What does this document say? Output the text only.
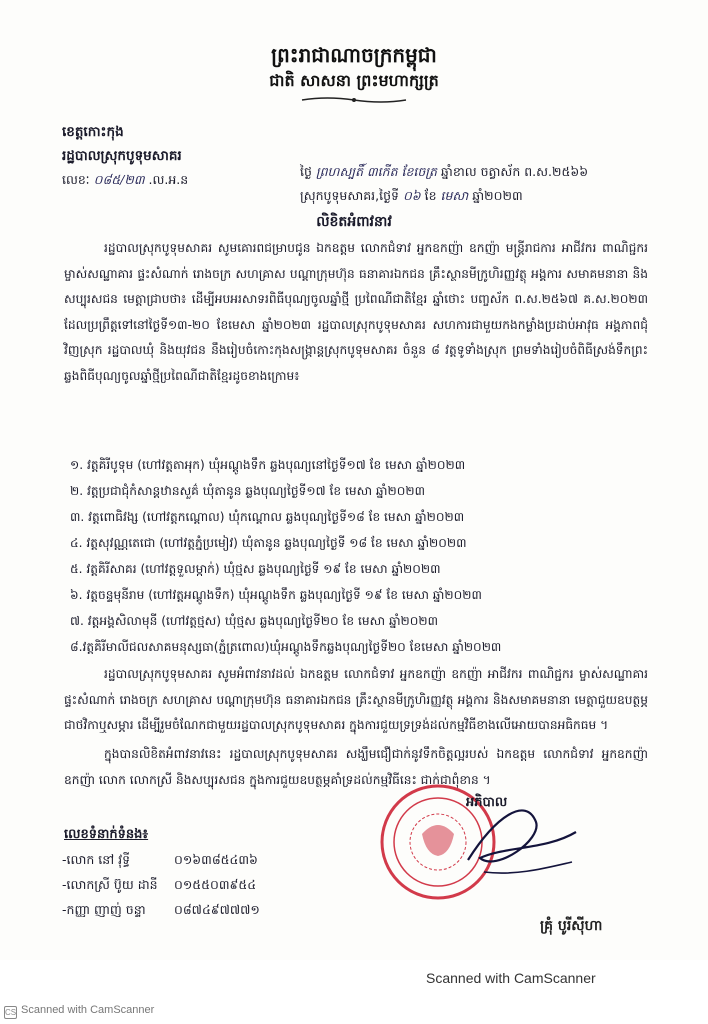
ព្រះរាជាណាចក្រកម្ពុជា
ជាតិ សាសនា ព្រះមហាក្សត្រ
ខេត្តកោះកុង
រដ្ឋបាលស្រុកបូទុមសាគរ
លេខៈ ០៨៥/២៣ .ល.អ.ន
ថ្ងៃ ព្រហស្បតិ៍ ៣កើត ខែចេត្រ ឆ្នាំខាល ចត្វាស័ក ព.ស.២៥៦៦
ស្រុកបូទុមសាគរ,ថ្ងៃទី ០៦ ខែ មេសា ឆ្នាំ២០២៣
លិខិតអំពាវនាវ

រដ្ឋបាលស្រុកបូទុមសាគរ សូមគោរពជម្រាបជូន ឯកឧត្តម លោកជំទាវ អ្នកឧកញ៉ា ឧកញ៉ា មន្រ្តីរាជការ អាជីវករ ពាណិជ្ជករ ម្ចាស់សណ្ឋាគារ ផ្ទះសំណាក់ រោងចក្រ សហគ្រាស បណ្តាក្រុមហ៊ុន ធនាគារឯកជន គ្រឹះស្ថានមីក្រូហិរញ្ញវត្ថុ អង្គការ សមាគមនានា និងសប្បុរសជន មេត្តាជ្រាបថា៖ ដើម្បីអបអរសាទរពិធីបុណ្យចូលឆ្នាំថ្មី ប្រពៃណីជាតិខ្មែរ ឆ្នាំថោះ បញ្ចស័ក ព.ស.២៥៦៧ គ.ស.២០២៣ ដែលប្រព្រឹត្តទៅនៅថ្ងៃទី១៣-២០ ខែមេសា ឆ្នាំ២០២៣ រដ្ឋបាលស្រុកបូទុមសាគរ សហការជាមួយកងកម្លាំងប្រដាប់អាវុធ អង្គភាពជុំវិញស្រុក រដ្ឋបាលឃុំ និងយុវជន នឹងរៀបចំកោះកុងសង្រ្កាន្តស្រុកបូទុមសាគរ ចំនួន ៨ វត្តទូទាំងស្រុក ព្រមទាំងរៀបចំពិធីស្រង់ទឹកព្រះឆ្លងពិធីបុណ្យចូលឆ្នាំថ្មីប្រពៃណីជាតិខ្មែរដូចខាងក្រោម៖

១. វត្តគិរីបូទុម (ហៅវត្តតាអុក) ឃុំអណ្តូងទឹក ឆ្លងបុណ្យនៅថ្ងៃទី១៧ ខែ មេសា ឆ្នាំ២០២៣
២. វត្តប្រជាជុំកំសាន្តឋានសួគ៌ ឃុំតានូន ឆ្លងបុណ្យថ្ងៃទី១៧ ខែ មេសា ឆ្នាំ២០២៣
៣. វត្តពោធិវង្ស (ហៅវត្តកណ្តោល) ឃុំកណ្តោល ឆ្លងបុណ្យថ្ងៃទី១៨ ខែ មេសា ឆ្នាំ២០២៣
៤. វត្តសុវណ្ណតេជោ (ហៅវត្តភ្នំប្រមៀវ) ឃុំតានូន ឆ្លងបុណ្យថ្ងៃទី ១៨ ខែ មេសា ឆ្នាំ២០២៣
៥. វត្តគិរីសាគរ (ហៅវត្តទួលម្កាក់) ឃុំថ្មស ឆ្លងបុណ្យថ្ងៃទី ១៩ ខែ មេសា ឆ្នាំ២០២៣
៦. វត្តចន្ទមុនីរាម (ហៅវត្តអណ្តូងទឹក) ឃុំអណ្តូងទឹក ឆ្លងបុណ្យថ្ងៃទី ១៩ ខែ មេសា ឆ្នាំ២០២៣
៧. វត្តអង្គសិលាមុនី (ហៅវត្តថ្មស) ឃុំថ្មស ឆ្លងបុណ្យថ្ងៃទី២០ ខែ មេសា ឆ្នាំ២០២៣
៨.វត្តគិរីមាលីជលសាគមនុស្សធា(ភ្នំត្រពោល)ឃុំអណ្តូងទឹកឆ្លងបុណ្យថ្ងៃទី២០ ខែមេសា ឆ្នាំ២០២៣

រដ្ឋបាលស្រុកបូទុមសាគរ សូមអំពាវនាវដល់ ឯកឧត្តម លោកជំទាវ អ្នកឧកញ៉ា ឧកញ៉ា អាជីវករ ពាណិជ្ជករ ម្ចាស់សណ្ឋាគារ ផ្ទះសំណាក់ រោងចក្រ សហគ្រាស បណ្តាក្រុមហ៊ុន ធនាគារឯកជន គ្រឹះស្ថានមីក្រូហិរញ្ញវត្ថុ អង្គការ និងសមាគមនានា មេត្តាជួយឧបត្ថម្ភ ជាថវិកាឬសម្ភារ ដើម្បីរួមចំណែកជាមួយរដ្ឋបាលស្រុកបូទុមសាគរ ក្នុងការជួយទ្រទ្រង់ដល់កម្មវិធីខាងលើអោយបានអធិកធម ។

ក្នុងបានលិខិតអំពាវនាវនេះ រដ្ឋបាលស្រុកបូទុមសាគរ សង្ឃឹមជឿជាក់នូវទឹកចិត្តល្អរបស់ ឯកឧត្តម លោកជំទាវ អ្នកឧកញ៉ា ឧកញ៉ា លោក លោកស្រី និងសប្បុរសជន ក្នុងការជួយឧបត្ថម្ភគាំទ្រដល់កម្មវិធីនេះ ជាក់ជាពុំខាន ។

អភិបាល
គ្រុំ បូរីស៊ីហា
លេខទំនាក់ទំនង៖
-លោក នៅ វុទ្ធី	០១៦៣៨៥៤៣៦
-លោកស្រី ប៊ូយ ដានី ០១៥៥០៣៩៥៤
-កញ្ញា ញាញ់ ចន្ទា ០៨៧៤៩៧៧៧១
Scanned with CamScanner
CS Scanned with CamScanner
